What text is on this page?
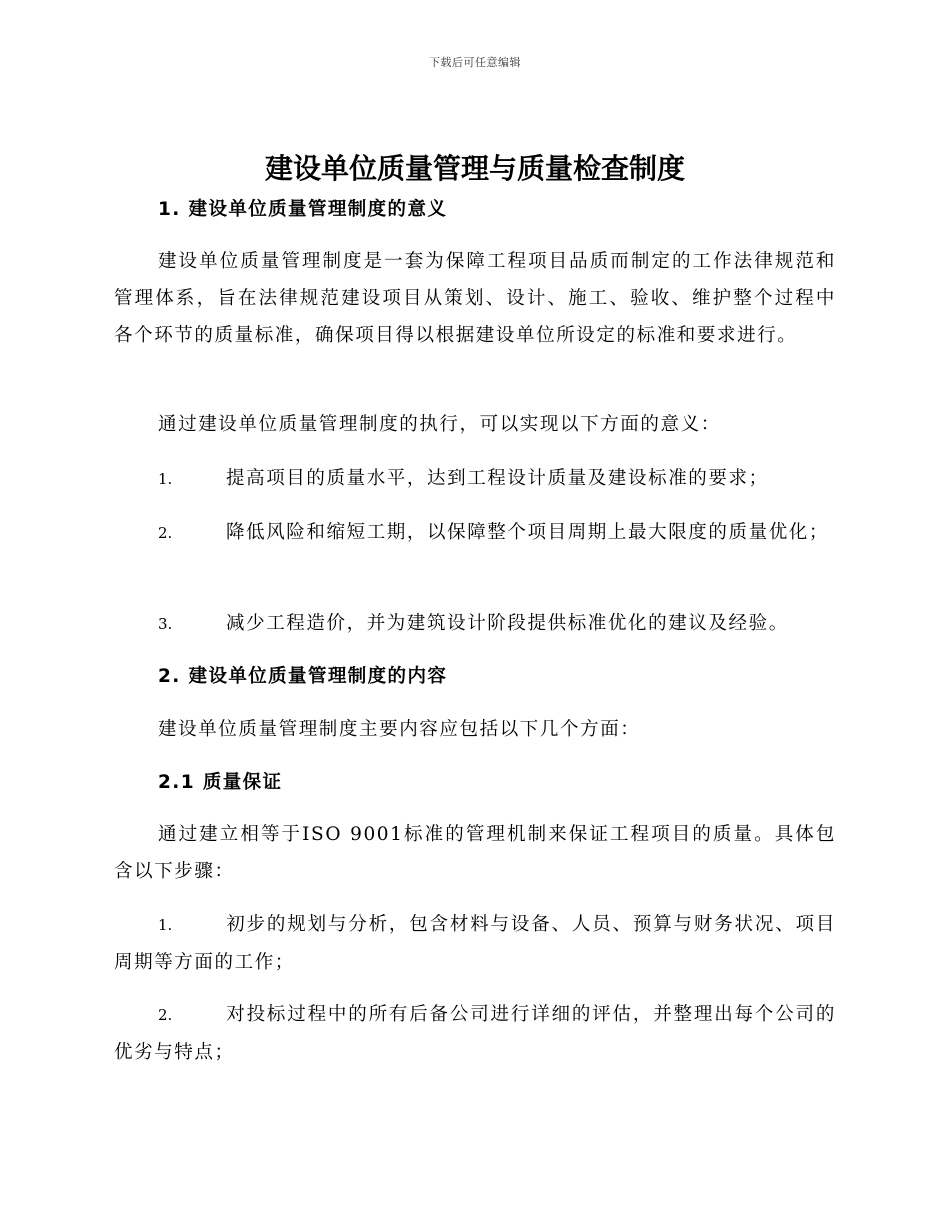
下载后可任意编辑
建设单位质量管理与质量检查制度

1. 建设单位质量管理制度的意义

建设单位质量管理制度是一套为保障工程项目品质而制定的工作法律规范和管理体系，旨在法律规范建设项目从策划、设计、施工、验收、维护整个过程中各个环节的质量标准，确保项目得以根据建设单位所设定的标准和要求进行。

通过建设单位质量管理制度的执行，可以实现以下方面的意义：

1.	提高项目的质量水平，达到工程设计质量及建设标准的要求；

2.	降低风险和缩短工期，以保障整个项目周期上最大限度的质量优化；

3.	减少工程造价，并为建筑设计阶段提供标准优化的建议及经验。

2. 建设单位质量管理制度的内容

建设单位质量管理制度主要内容应包括以下几个方面：

2.1 质量保证

通过建立相等于ISO 9001标准的管理机制来保证工程项目的质量。具体包含以下步骤：

1.	初步的规划与分析，包含材料与设备、人员、预算与财务状况、项目周期等方面的工作；

2.	对投标过程中的所有后备公司进行详细的评估，并整理出每个公司的优劣与特点；
